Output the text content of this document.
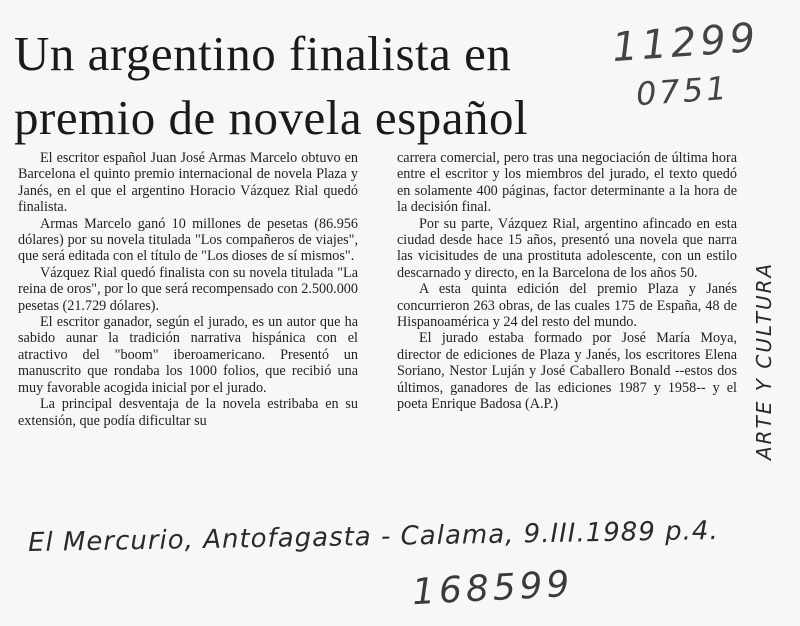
Un argentino finalista en premio de novela español

El escritor español Juan José Armas Marcelo obtuvo en Barcelona el quinto premio internacional de novela Plaza y Janés, en el que el argentino Horacio Vázquez Rial quedó finalista.

Armas Marcelo ganó 10 millones de pesetas (86.956 dólares) por su novela titulada "Los compañeros de viajes", que será editada con el título de "Los dioses de sí mismos".

Vázquez Rial quedó finalista con su novela titulada "La reina de oros", por lo que será recompensado con 2.500.000 pesetas (21.729 dólares).

El escritor ganador, según el jurado, es un autor que ha sabido aunar la tradición narrativa hispánica con el atractivo del "boom" iberoamericano. Presentó un manuscrito que rondaba los 1000 folios, que recibió una muy favorable acogida inicial por el jurado.

La principal desventaja de la novela estribaba en su extensión, que podía dificultar su

carrera comercial, pero tras una negociación de última hora entre el escritor y los miembros del jurado, el texto quedó en solamente 400 páginas, factor determinante a la hora de la decisión final.

Por su parte, Vázquez Rial, argentino afincado en esta ciudad desde hace 15 años, presentó una novela que narra las vicisitudes de una prostituta adolescente, con un estilo descarnado y directo, en la Barcelona de los años 50.

A esta quinta edición del premio Plaza y Janés concurrieron 263 obras, de las cuales 175 de España, 48 de Hispanoamérica y 24 del resto del mundo.

El jurado estaba formado por José María Moya, director de ediciones de Plaza y Janés, los escritores Elena Soriano, Nestor Luján y José Caballero Bonald --estos dos últimos, ganadores de las ediciones 1987 y 1958-- y el poeta Enrique Badosa (A.P.)

11299
0751
ARTE Y CULTURA
El Mercurio, Antofagasta - Calama, 9.III.1989 p.4.
168599
